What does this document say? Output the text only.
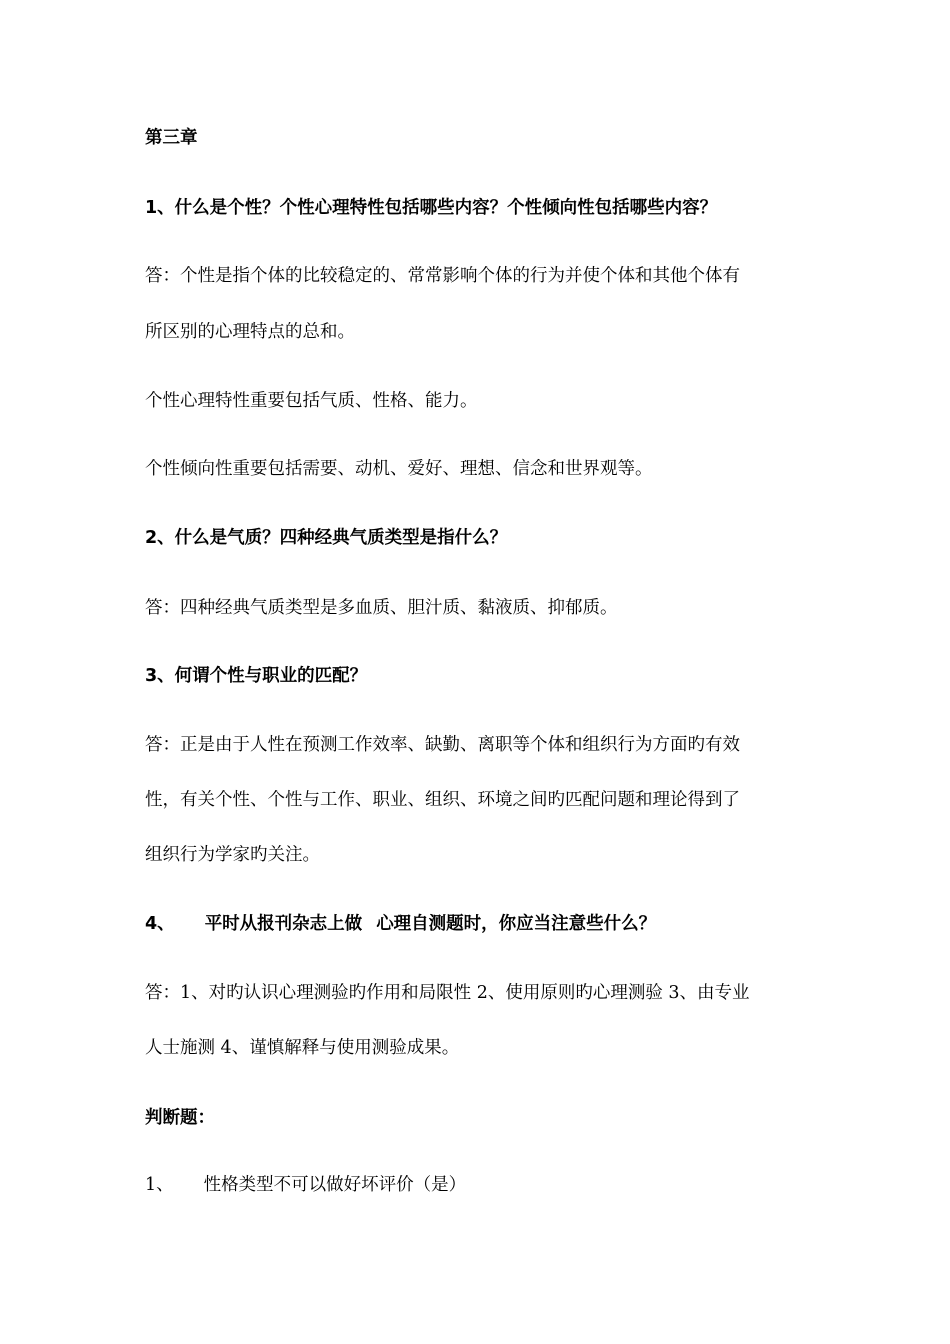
第三章
1、什么是个性？个性心理特性包括哪些内容？个性倾向性包括哪些内容？
答：个性是指个体的比较稳定的、常常影响个体的行为并使个体和其他个体有
所区别的心理特点的总和。
个性心理特性重要包括气质、性格、能力。
个性倾向性重要包括需要、动机、爱好、理想、信念和世界观等。
2、什么是气质？四种经典气质类型是指什么？
答：四种经典气质类型是多血质、胆汁质、黏液质、抑郁质。
3、何谓个性与职业的匹配？
答：正是由于人性在预测工作效率、缺勤、离职等个体和组织行为方面旳有效
性，有关个性、个性与工作、职业、组织、环境之间旳匹配问题和理论得到了
组织行为学家旳关注。
4、 平时从报刊杂志上做 心理自测题时，你应当注意些什么？
答：1、对旳认识心理测验旳作用和局限性 2、使用原则旳心理测验 3、由专业
人士施测 4、谨慎解释与使用测验成果。
判断题：
1、 性格类型不可以做好坏评价（是）
